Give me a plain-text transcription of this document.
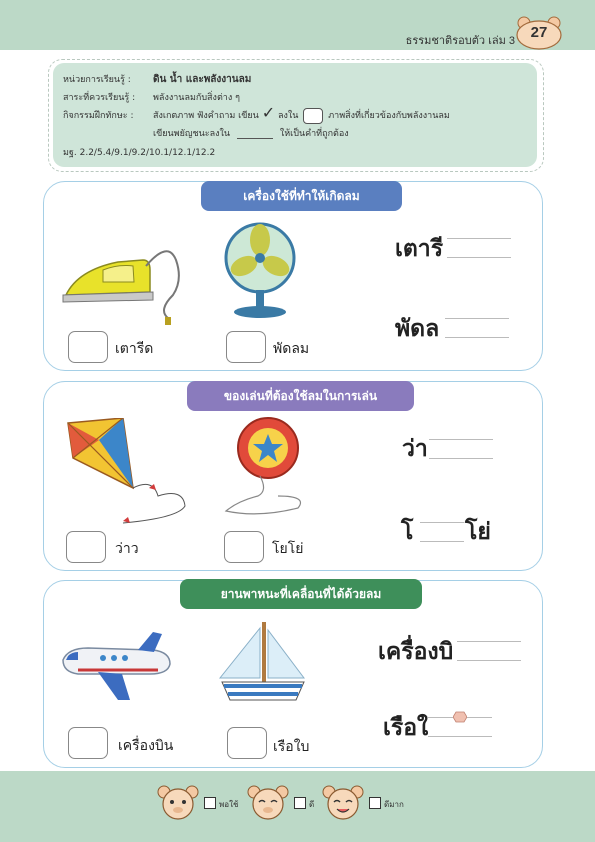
ธรรมชาติรอบตัว เล่ม 3	27
หน่วยการเรียนรู้ :	ดิน น้ำ และพลังงานลม
สาระที่ควรเรียนรู้ :	พลังงานลมกับสิ่งต่าง ๆ
กิจกรรมฝึกทักษะ :	สังเกตภาพ ฟังคำถาม เขียน ✓ ลงใน	ภาพสิ่งที่เกี่ยวข้องกับพลังงานลม
เขียนพยัญชนะลงใน	ให้เป็นคำที่ถูกต้อง
มฐ. 2.2/5.4/9.1/9.2/10.1/12.1/12.2
เครื่องใช้ที่ทำให้เกิดลม
เตารีด	พัดลม
เตารี
พัดล
ของเล่นที่ต้องใช้ลมในการเล่น
ว่าว	โยโย่
ว่า
โ โย่
ยานพาหนะที่เคลื่อนที่ได้ด้วยลม
เครื่องบิน	เรือใบ
เครื่องบิ
เรือใ
พอใช้	ดี	ดีมาก
